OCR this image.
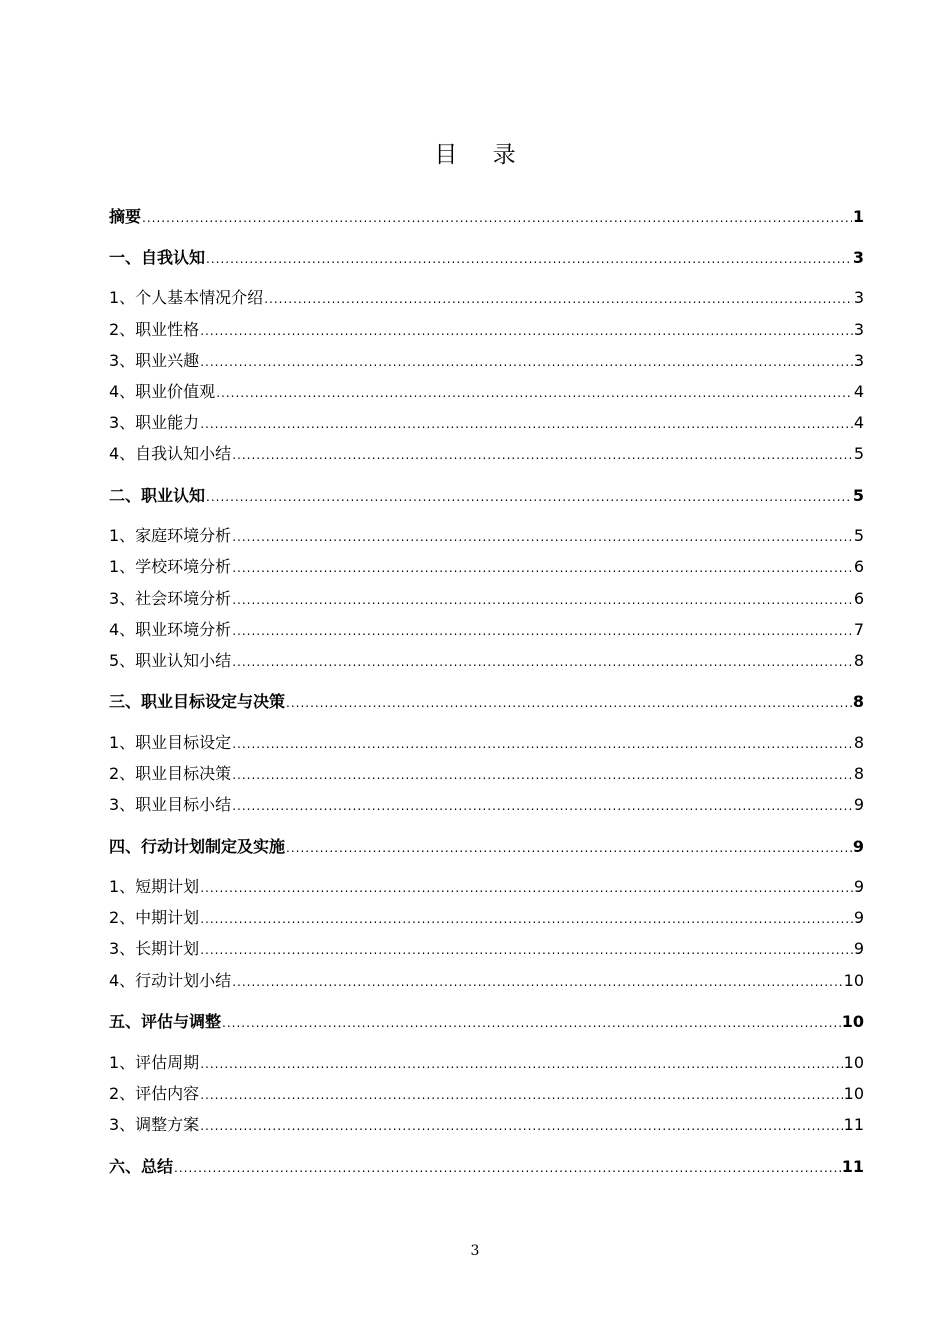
目 录
摘要 .....	1
一、自我认知 .....	3
1、个人基本情况介绍 .....	3
2、职业性格 .....	3
3、职业兴趣 .....	3
4、职业价值观 .....	4
3、职业能力 .....	4
4、自我认知小结 .....	5
二、职业认知 .....	5
1、家庭环境分析 .....	5
1、学校环境分析 .....	6
3、社会环境分析 .....	6
4、职业环境分析 .....	7
5、职业认知小结 .....	8
三、职业目标设定与决策 .....	8
1、职业目标设定 .....	8
2、职业目标决策 .....	8
3、职业目标小结 .....	9
四、行动计划制定及实施 .....	9
1、短期计划 .....	9
2、中期计划 .....	9
3、长期计划 .....	9
4、行动计划小结 .....	10
五、评估与调整 .....	10
1、评估周期 .....	10
2、评估内容 .....	10
3、调整方案 .....	11
六、总结 .....	11
3
